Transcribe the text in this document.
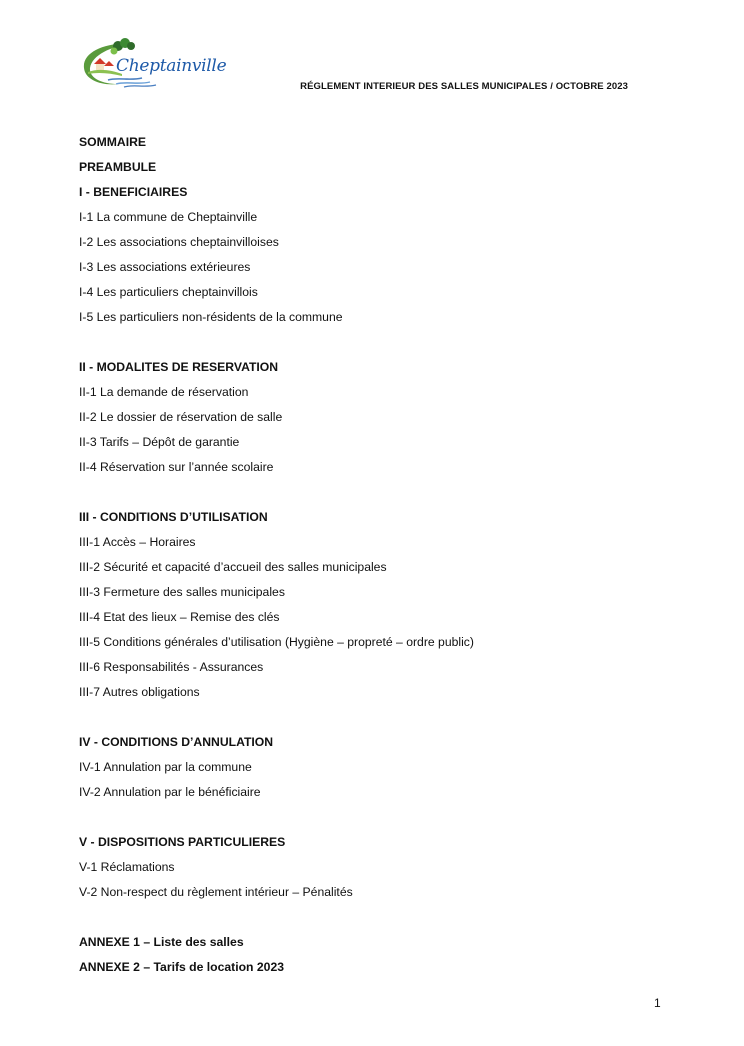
Cheptainville
RÉGLEMENT INTERIEUR DES SALLES MUNICIPALES / OCTOBRE 2023
SOMMAIRE
PREAMBULE
I - BENEFICIAIRES
I-1 La commune de Cheptainville
I-2 Les associations cheptainvilloises
I-3 Les associations extérieures
I-4 Les particuliers cheptainvillois
I-5 Les particuliers non-résidents de la commune
II - MODALITES DE RESERVATION
II-1 La demande de réservation
II-2 Le dossier de réservation de salle
II-3 Tarifs – Dépôt de garantie
II-4 Réservation sur l’année scolaire
III - CONDITIONS D’UTILISATION
III-1 Accès – Horaires
III-2 Sécurité et capacité d’accueil des salles municipales
III-3 Fermeture des salles municipales
III-4 Etat des lieux – Remise des clés
III-5 Conditions générales d’utilisation (Hygiène – propreté – ordre public)
III-6 Responsabilités - Assurances
III-7 Autres obligations
IV - CONDITIONS D’ANNULATION
IV-1 Annulation par la commune
IV-2 Annulation par le bénéficiaire
V - DISPOSITIONS PARTICULIERES
V-1 Réclamations
V-2 Non-respect du règlement intérieur – Pénalités
ANNEXE 1 – Liste des salles
ANNEXE 2 – Tarifs de location 2023
1
